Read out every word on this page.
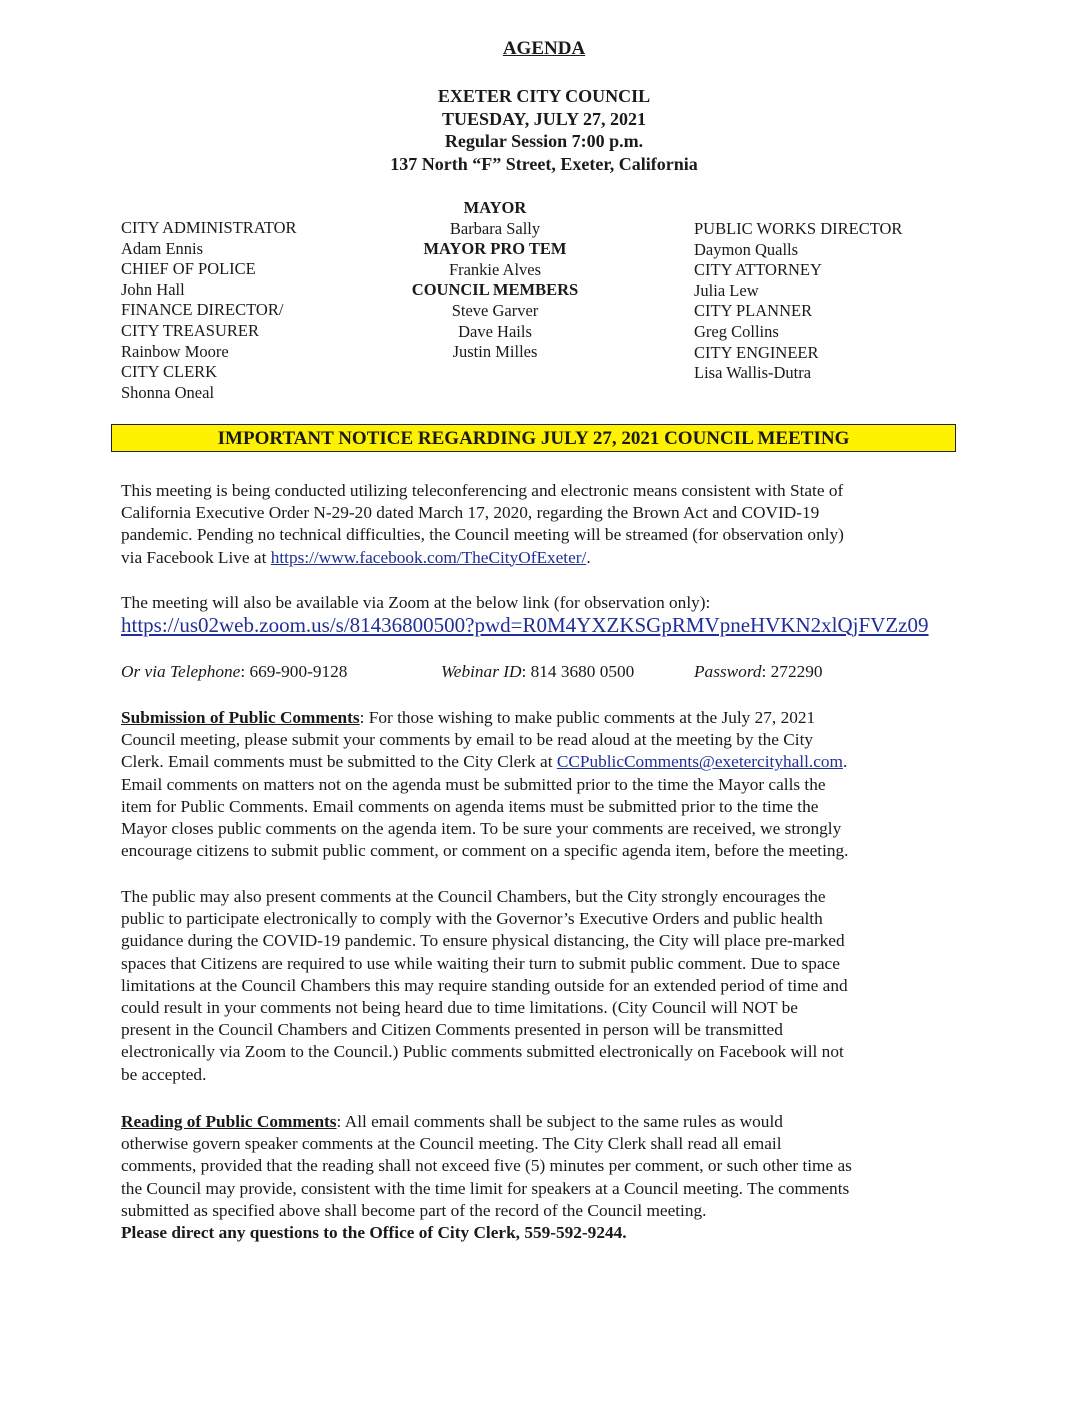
AGENDA
EXETER CITY COUNCIL
TUESDAY, JULY 27, 2021
Regular Session 7:00 p.m.
137 North “F” Street, Exeter, California
CITY ADMINISTRATOR
Adam Ennis
CHIEF OF POLICE
John Hall
FINANCE DIRECTOR/
CITY TREASURER
Rainbow Moore
CITY CLERK
Shonna Oneal
MAYOR
Barbara Sally
MAYOR PRO TEM
Frankie Alves
COUNCIL MEMBERS
Steve Garver
Dave Hails
Justin Milles
PUBLIC WORKS DIRECTOR
Daymon Qualls
CITY ATTORNEY
Julia Lew
CITY PLANNER
Greg Collins
CITY ENGINEER
Lisa Wallis-Dutra
IMPORTANT NOTICE REGARDING JULY 27, 2021 COUNCIL MEETING
This meeting is being conducted utilizing teleconferencing and electronic means consistent with State of
California Executive Order N-29-20 dated March 17, 2020, regarding the Brown Act and COVID-19
pandemic. Pending no technical difficulties, the Council meeting will be streamed (for observation only)
via Facebook Live at https://www.facebook.com/TheCityOfExeter/.
The meeting will also be available via Zoom at the below link (for observation only):
https://us02web.zoom.us/s/81436800500?pwd=R0M4YXZKSGpRMVpneHVKN2xlQjFVZz09
Or via Telephone: 669-900-9128	Webinar ID: 814 3680 0500	Password: 272290
Submission of Public Comments: For those wishing to make public comments at the July 27, 2021
Council meeting, please submit your comments by email to be read aloud at the meeting by the City
Clerk. Email comments must be submitted to the City Clerk at CCPublicComments@exetercityhall.com.
Email comments on matters not on the agenda must be submitted prior to the time the Mayor calls the
item for Public Comments. Email comments on agenda items must be submitted prior to the time the
Mayor closes public comments on the agenda item. To be sure your comments are received, we strongly
encourage citizens to submit public comment, or comment on a specific agenda item, before the meeting.
The public may also present comments at the Council Chambers, but the City strongly encourages the
public to participate electronically to comply with the Governor’s Executive Orders and public health
guidance during the COVID-19 pandemic. To ensure physical distancing, the City will place pre-marked
spaces that Citizens are required to use while waiting their turn to submit public comment. Due to space
limitations at the Council Chambers this may require standing outside for an extended period of time and
could result in your comments not being heard due to time limitations. (City Council will NOT be
present in the Council Chambers and Citizen Comments presented in person will be transmitted
electronically via Zoom to the Council.) Public comments submitted electronically on Facebook will not
be accepted.
Reading of Public Comments: All email comments shall be subject to the same rules as would
otherwise govern speaker comments at the Council meeting. The City Clerk shall read all email
comments, provided that the reading shall not exceed five (5) minutes per comment, or such other time as
the Council may provide, consistent with the time limit for speakers at a Council meeting. The comments
submitted as specified above shall become part of the record of the Council meeting.
Please direct any questions to the Office of City Clerk, 559-592-9244.
